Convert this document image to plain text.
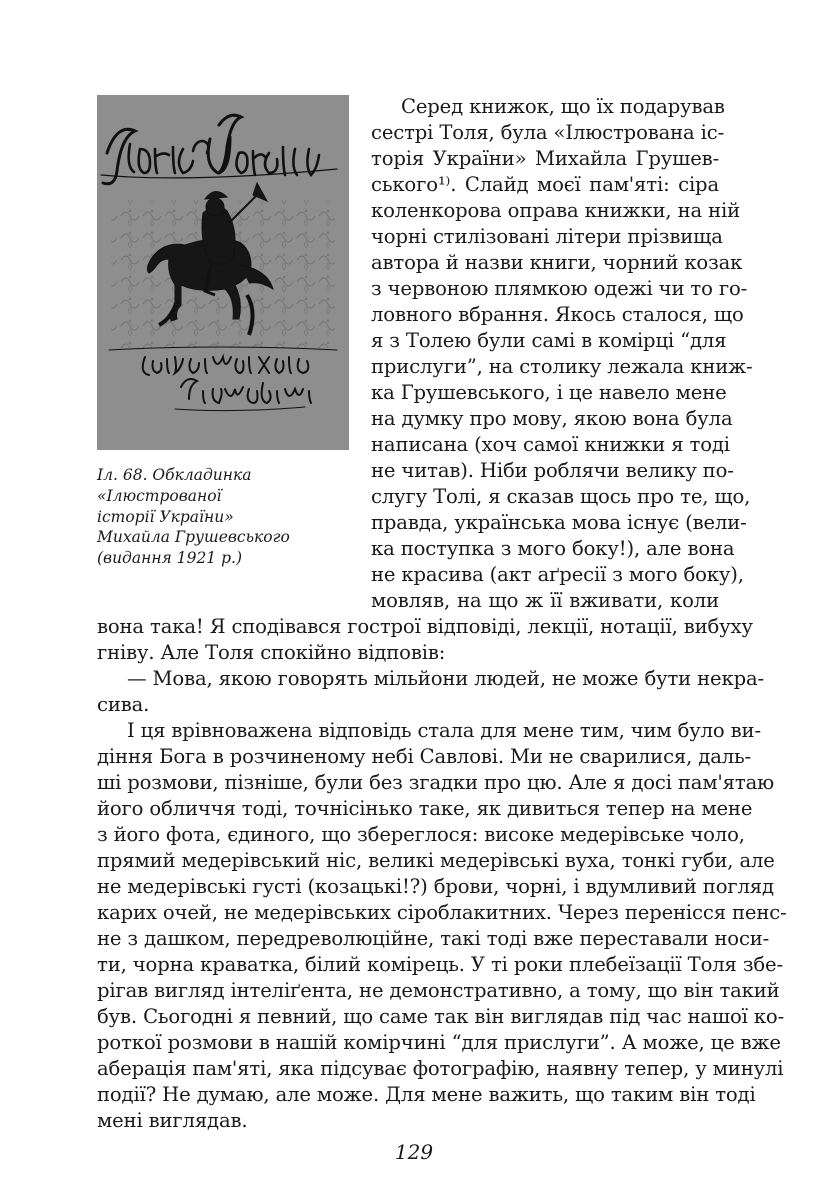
Іл. 68. Обкладинка
«Ілюстрованої
історії України»
Михайла Грушевського
(видання 1921 р.)
Серед книжок, що їх подарував
сестрі Толя, була «Ілюстрована іс-
торія України» Михайла Грушев-
ського¹⁾. Слайд моєї пам'яті: сіра
коленкорова оправа книжки, на ній
чорні стилізовані літери прізвища
автора й назви книги, чорний козак
з червоною плямкою одежі чи то го-
ловного вбрання. Якось сталося, що
я з Толею були самі в комірці “для
прислуги”, на столику лежала книж-
ка Грушевського, і це навело мене
на думку про мову, якою вона була
написана (хоч самої книжки я тоді
не читав). Ніби роблячи велику по-
слугу Толі, я сказав щось про те, що,
правда, українська мова існує (вели-
ка поступка з мого боку!), але вона
не красива (акт аґресії з мого боку),
мовляв, на що ж її вживати, коли
вона така! Я сподівався гострої відповіді, лекції, нотації, вибуху
гніву. Але Толя спокійно відповів:
— Мова, якою говорять мільйони людей, не може бути некра-
сива.
І ця врівноважена відповідь стала для мене тим, чим було ви-
діння Бога в розчиненому небі Савлові. Ми не сварилися, даль-
ші розмови, пізніше, були без згадки про цю. Але я досі пам'ятаю
його обличчя тоді, точнісінько таке, як дивиться тепер на мене
з його фота, єдиного, що збереглося: високе медерівське чоло,
прямий медерівський ніс, великі медерівські вуха, тонкі губи, але
не медерівські густі (козацькі!?) брови, чорні, і вдумливий погляд
карих очей, не медерівських сіроблакитних. Через перенісся пенс-
не з дашком, передреволюційне, такі тоді вже переставали носи-
ти, чорна краватка, білий комірець. У ті роки плебеїзації Толя збе-
рігав вигляд інтеліґента, не демонстративно, а тому, що він такий
був. Сьогодні я певний, що саме так він виглядав під час нашої ко-
роткої розмови в нашій комірчині “для прислуги”. А може, це вже
аберація пам'яті, яка підсуває фотографію, наявну тепер, у минулі
події? Не думаю, але може. Для мене важить, що таким він тоді
мені виглядав.
129
